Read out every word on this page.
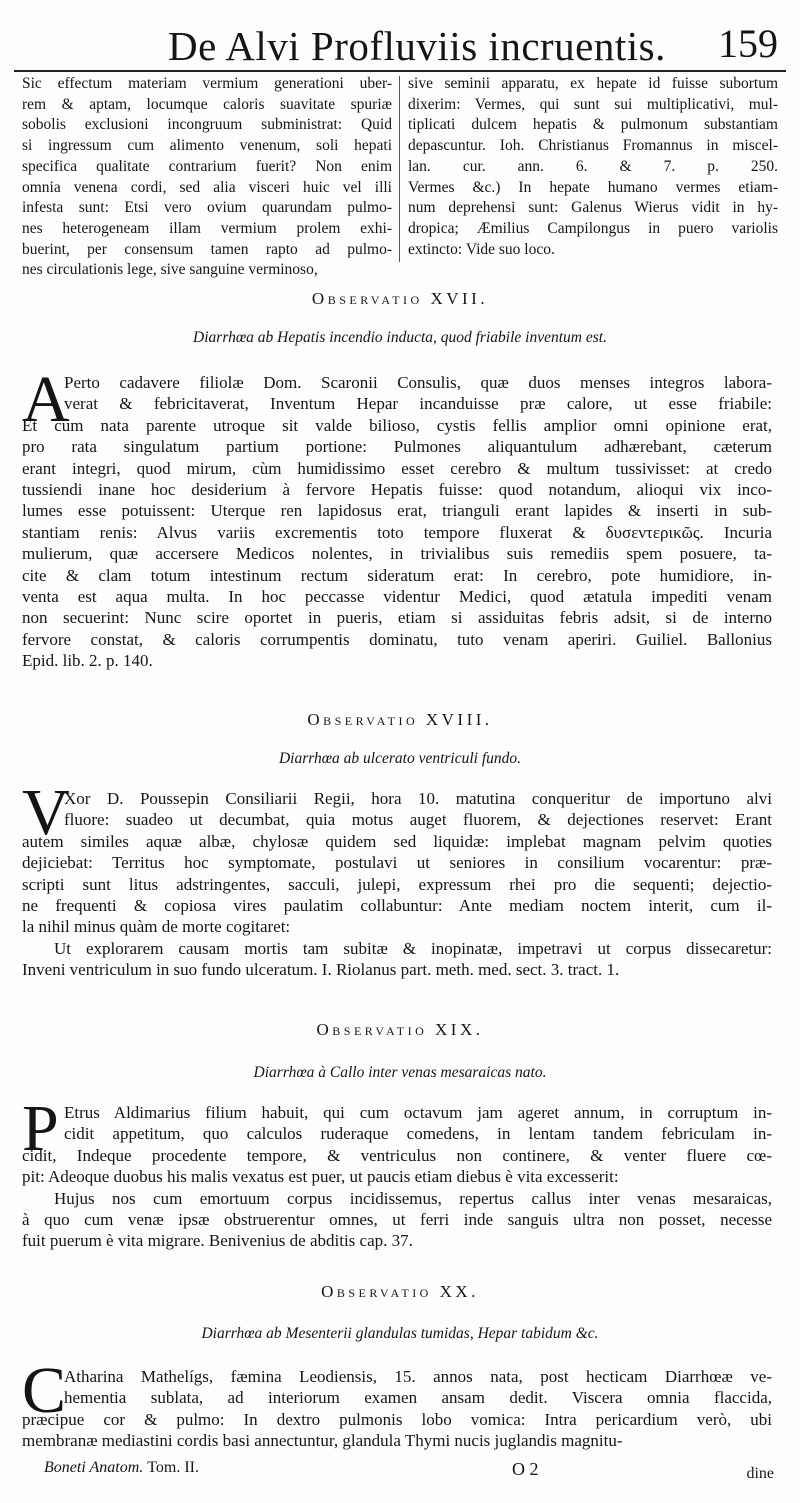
De Alvi Profluviis incruentis. 159
Sic effectum materiam vermium generationi uber-
rem & aptam, locumque caloris suavitate spuriæ
sobolis exclusioni incongruum subministrat: Quid
si ingressum cum alimento venenum, soli hepati
specifica qualitate contrarium fuerit? Non enim
omnia venena cordi, sed alia visceri huic vel illi
infesta sunt: Etsi vero ovium quarundam pulmo-
nes heterogeneam illam vermium prolem exhi-
buerint, per consensum tamen rapto ad pulmo-
nes circulationis lege, sive sanguine verminoso,
sive seminii apparatu, ex hepate id fuisse subortum
dixerim: Vermes, qui sunt sui multiplicativi, mul-
tiplicati dulcem hepatis & pulmonum substantiam
depascuntur. Ioh. Christianus Fromannus in miscel-
lan. cur. ann. 6. & 7. p. 250.
Vermes &c.) In hepate humano vermes etiam-
num deprehensi sunt: Galenus Wierus vidit in hy-
dropica; Æmilius Campilongus in puero variolis
extincto: Vide suo loco.
Observatio XVII.
Diarrhœa ab Hepatis incendio inducta, quod friabile inventum est.
A
Perto cadavere filiolæ Dom. Scaronii Consulis, quæ duos menses integros labora-
verat & febricitaverat, Inventum Hepar incanduisse præ calore, ut esse friabile:
Et cum nata parente utroque sit valde bilioso, cystis fellis amplior omni opinione erat,
pro rata singulatum partium portione: Pulmones aliquantulum adhærebant, cæterum
erant integri, quod mirum, cùm humidissimo esset cerebro & multum tussivisset: at credo
tussiendi inane hoc desiderium à fervore Hepatis fuisse: quod notandum, alioqui vix inco-
lumes esse potuissent: Uterque ren lapidosus erat, trianguli erant lapides & inserti in sub-
stantiam renis: Alvus variis excrementis toto tempore fluxerat & δυσεντερικῶς. Incuria
mulierum, quæ accersere Medicos nolentes, in trivialibus suis remediis spem posuere, ta-
cite & clam totum intestinum rectum sideratum erat: In cerebro, pote humidiore, in-
venta est aqua multa. In hoc peccasse videntur Medici, quod ætatula impediti venam
non secuerint: Nunc scire oportet in pueris, etiam si assiduitas febris adsit, si de interno
fervore constat, & caloris corrumpentis dominatu, tuto venam aperiri. Guiliel. Ballonius
Epid. lib. 2. p. 140.
Observatio XVIII.
Diarrhœa ab ulcerato ventriculi fundo.
V
Xor D. Poussepin Consiliarii Regii, hora 10. matutina conqueritur de importuno alvi
fluore: suadeo ut decumbat, quia motus auget fluorem, & dejectiones reservet: Erant
autem similes aquæ albæ, chylosæ quidem sed liquidæ: implebat magnam pelvim quoties
dejiciebat: Territus hoc symptomate, postulavi ut seniores in consilium vocarentur: præ-
scripti sunt litus adstringentes, sacculi, julepi, expressum rhei pro die sequenti; dejectio-
ne frequenti & copiosa vires paulatim collabuntur: Ante mediam noctem interit, cum il-
la nihil minus quàm de morte cogitaret:
Ut explorarem causam mortis tam subitæ & inopinatæ, impetravi ut corpus dissecaretur:
Inveni ventriculum in suo fundo ulceratum. I. Riolanus part. meth. med. sect. 3. tract. 1.
Observatio XIX.
Diarrhœa à Callo inter venas mesaraicas nato.
P Etrus Aldimarius filium habuit, qui cum octavum jam ageret annum, in corruptum in-
cidit appetitum, quo calculos ruderaque comedens, in lentam tandem febriculam in-
cidit, Indeque procedente tempore, & ventriculus non continere, & venter fluere cœ-
pit: Adeoque duobus his malis vexatus est puer, ut paucis etiam diebus è vita excesserit:
Hujus nos cum emortuum corpus incidissemus, repertus callus inter venas mesaraicas,
à quo cum venæ ipsæ obstruerentur omnes, ut ferri inde sanguis ultra non posset, necesse
fuit puerum è vita migrare. Benivenius de abditis cap. 37.
Observatio XX.
Diarrhœa ab Mesenterii glandulas tumidas, Hepar tabidum &c.
C
Atharina Mathelígs, fæmina Leodiensis, 15. annos nata, post hecticam Diarrhœæ ve-
hementia sublata, ad interiorum examen ansam dedit. Viscera omnia flaccida,
præcipue cor & pulmo: In dextro pulmonis lobo vomica: Intra pericardium verò, ubi
membranæ mediastini cordis basi annectuntur, glandula Thymi nucis juglandis magnitu-
Boneti Anatom. Tom. II.	O 2	dine
